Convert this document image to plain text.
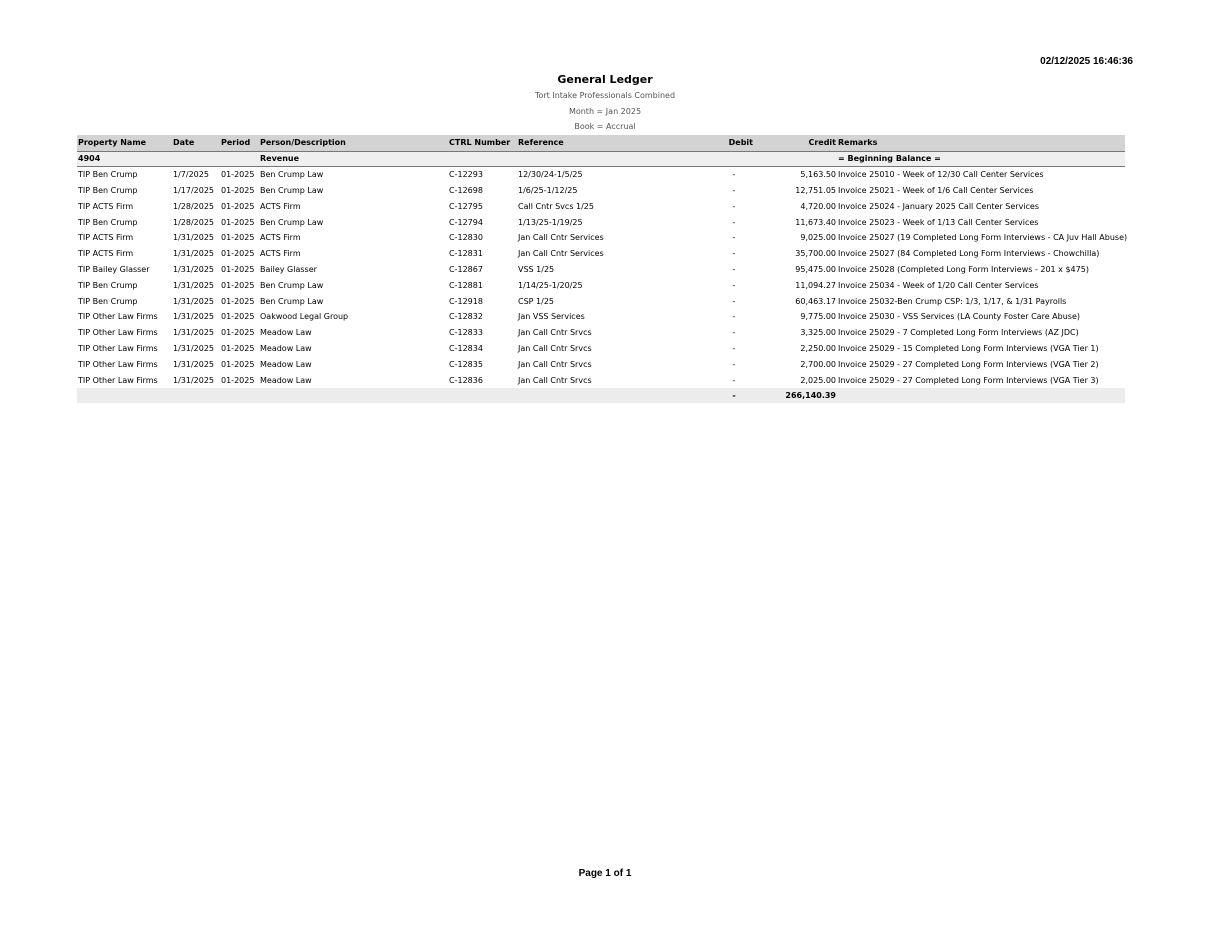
02/12/2025 16:46:36
General Ledger
Tort Intake Professionals Combined
Month = Jan 2025
Book = Accrual
Property Name	Date	Period	Person/Description	CTRL Number	Reference	Debit	Credit	Remarks
4904			Revenue					= Beginning Balance =
TIP Ben Crump	1/7/2025	01-2025	Ben Crump Law	C-12293	12/30/24-1/5/25	-	5,163.50	Invoice 25010 - Week of 12/30 Call Center Services
TIP Ben Crump	1/17/2025	01-2025	Ben Crump Law	C-12698	1/6/25-1/12/25	-	12,751.05	Invoice 25021 - Week of 1/6 Call Center Services
TIP ACTS Firm	1/28/2025	01-2025	ACTS Firm	C-12795	Call Cntr Svcs 1/25	-	4,720.00	Invoice 25024 - January 2025 Call Center Services
TIP Ben Crump	1/28/2025	01-2025	Ben Crump Law	C-12794	1/13/25-1/19/25	-	11,673.40	Invoice 25023 - Week of 1/13 Call Center Services
TIP ACTS Firm	1/31/2025	01-2025	ACTS Firm	C-12830	Jan Call Cntr Services	-	9,025.00	Invoice 25027 (19 Completed Long Form Interviews - CA Juv Hall Abuse)
TIP ACTS Firm	1/31/2025	01-2025	ACTS Firm	C-12831	Jan Call Cntr Services	-	35,700.00	Invoice 25027 (84 Completed Long Form Interviews - Chowchilla)
TIP Bailey Glasser	1/31/2025	01-2025	Bailey Glasser	C-12867	VSS 1/25	-	95,475.00	Invoice 25028 (Completed Long Form Interviews - 201 x $475)
TIP Ben Crump	1/31/2025	01-2025	Ben Crump Law	C-12881	1/14/25-1/20/25	-	11,094.27	Invoice 25034 - Week of 1/20 Call Center Services
TIP Ben Crump	1/31/2025	01-2025	Ben Crump Law	C-12918	CSP 1/25	-	60,463.17	Invoice 25032-Ben Crump CSP: 1/3, 1/17, & 1/31 Payrolls
TIP Other Law Firms	1/31/2025	01-2025	Oakwood Legal Group	C-12832	Jan VSS Services	-	9,775.00	Invoice 25030 - VSS Services (LA County Foster Care Abuse)
TIP Other Law Firms	1/31/2025	01-2025	Meadow Law	C-12833	Jan Call Cntr Srvcs	-	3,325.00	Invoice 25029 - 7 Completed Long Form Interviews (AZ JDC)
TIP Other Law Firms	1/31/2025	01-2025	Meadow Law	C-12834	Jan Call Cntr Srvcs	-	2,250.00	Invoice 25029 - 15 Completed Long Form Interviews (VGA Tier 1)
TIP Other Law Firms	1/31/2025	01-2025	Meadow Law	C-12835	Jan Call Cntr Srvcs	-	2,700.00	Invoice 25029 - 27 Completed Long Form Interviews (VGA Tier 2)
TIP Other Law Firms	1/31/2025	01-2025	Meadow Law	C-12836	Jan Call Cntr Srvcs	-	2,025.00	Invoice 25029 - 27 Completed Long Form Interviews (VGA Tier 3)
						-	266,140.39	
Page 1 of 1
